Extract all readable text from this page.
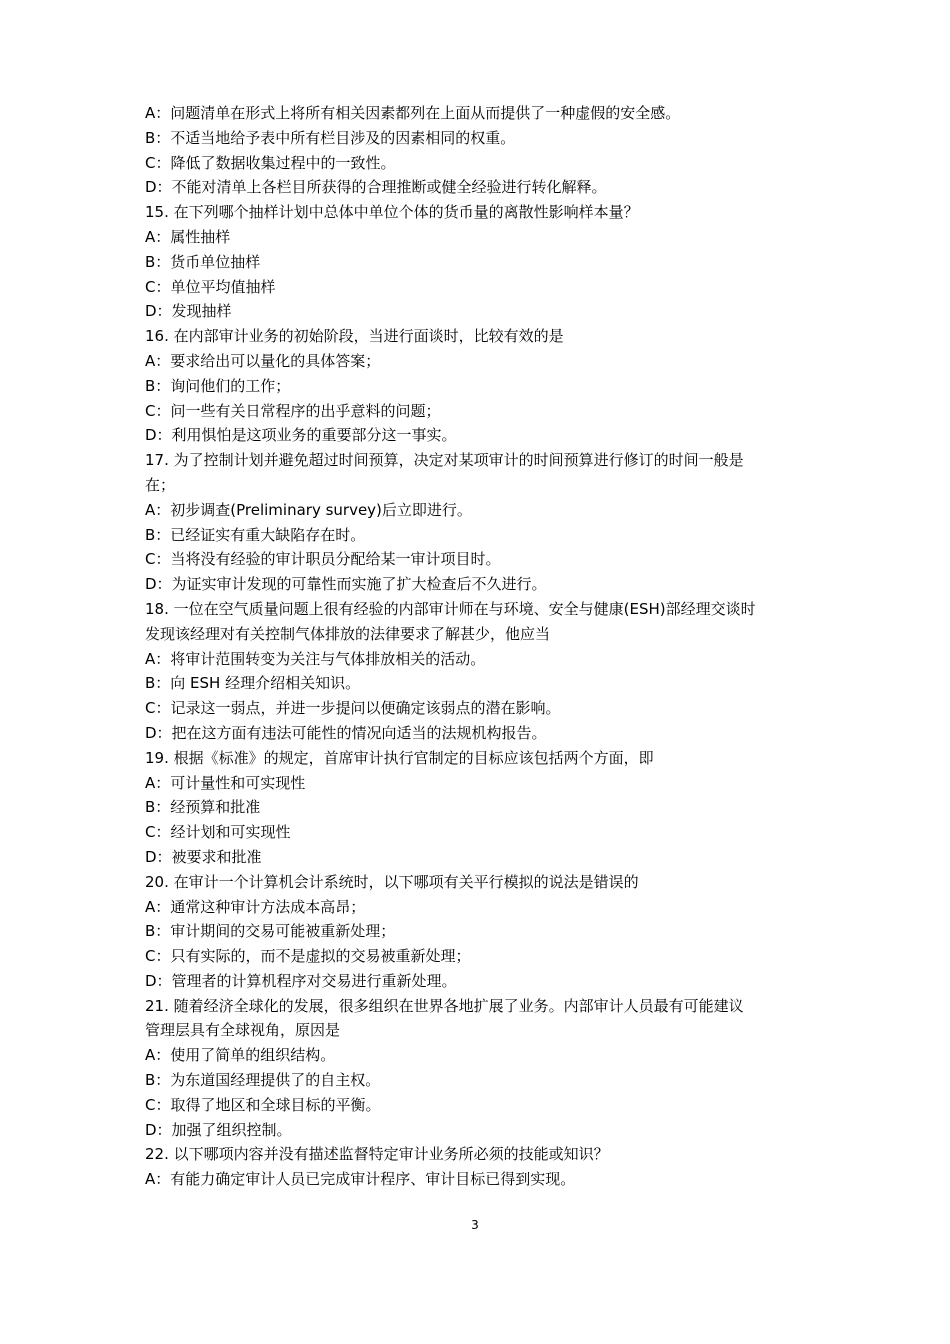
A：问题清单在形式上将所有相关因素都列在上面从而提供了一种虚假的安全感。
B：不适当地给予表中所有栏目涉及的因素相同的权重。
C：降低了数据收集过程中的一致性。
D：不能对清单上各栏目所获得的合理推断或健全经验进行转化解释。
15. 在下列哪个抽样计划中总体中单位个体的货币量的离散性影响样本量？
A：属性抽样
B：货币单位抽样
C：单位平均值抽样
D：发现抽样
16. 在内部审计业务的初始阶段，当进行面谈时，比较有效的是
A：要求给出可以量化的具体答案；
B：询问他们的工作；
C：问一些有关日常程序的出乎意料的问题；
D：利用惧怕是这项业务的重要部分这一事实。
17. 为了控制计划并避免超过时间预算，决定对某项审计的时间预算进行修订的时间一般是
在；
A：初步调查(Preliminary survey)后立即进行。
B：已经证实有重大缺陷存在时。
C：当将没有经验的审计职员分配给某一审计项目时。
D：为证实审计发现的可靠性而实施了扩大检查后不久进行。
18. 一位在空气质量问题上很有经验的内部审计师在与环境、安全与健康(ESH)部经理交谈时
发现该经理对有关控制气体排放的法律要求了解甚少，他应当
A：将审计范围转变为关注与气体排放相关的活动。
B：向 ESH 经理介绍相关知识。
C：记录这一弱点，并进一步提问以便确定该弱点的潜在影响。
D：把在这方面有违法可能性的情况向适当的法规机构报告。
19. 根据《标准》的规定，首席审计执行官制定的目标应该包括两个方面，即
A：可计量性和可实现性
B：经预算和批准
C：经计划和可实现性
D：被要求和批准
20. 在审计一个计算机会计系统时，以下哪项有关平行模拟的说法是错误的
A：通常这种审计方法成本高昂；
B：审计期间的交易可能被重新处理；
C：只有实际的，而不是虚拟的交易被重新处理；
D：管理者的计算机程序对交易进行重新处理。
21. 随着经济全球化的发展，很多组织在世界各地扩展了业务。内部审计人员最有可能建议
管理层具有全球视角，原因是
A：使用了简单的组织结构。
B：为东道国经理提供了的自主权。
C：取得了地区和全球目标的平衡。
D：加强了组织控制。
22. 以下哪项内容并没有描述监督特定审计业务所必须的技能或知识？
A：有能力确定审计人员已完成审计程序、审计目标已得到实现。
3
